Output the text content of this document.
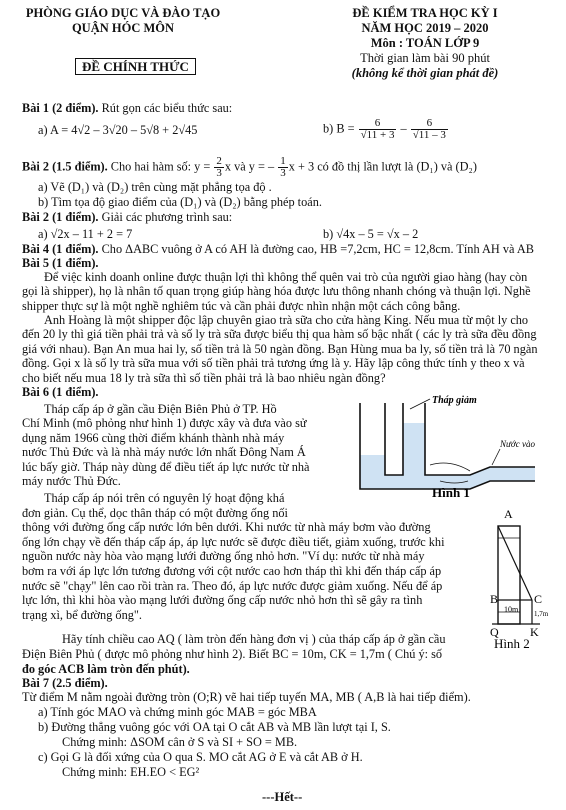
PHÒNG GIÁO DỤC VÀ ĐÀO TẠO
QUẬN HÓC MÔN
ĐỀ CHÍNH THỨC
ĐỀ KIỂM TRA HỌC KỲ I
NĂM HỌC 2019 – 2020
Môn : TOÁN LỚP 9
Thời gian làm bài 90 phút
(không kể thời gian phát đề)
Bài 1 (2 điểm). Rút gọn các biểu thức sau:
a) A = 4√2 – 3√20 – 5√8 + 2√45	b) $B = \frac{6}{√11 + 3} - \frac{6}{√11 - 3}$
Bài 2 (1.5 điểm). Cho hai hàm số: $y = \frac{2}{3}$ x và y = – $\frac{1}{3}$ x + 3 có đồ thị lần lượt là (D₁) và (D₂)
a) Vẽ (D₁) và (D₂) trên cùng mặt phẳng tọa độ .
b) Tìm tọa độ giao điểm của (D₁) và (D₂) bằng phép toán.
Bài 2 (1 điểm). Giải các phương trình sau:
a) √2x – 11 + 2 = 7	b) √4x – 5 = √x – 2
Bài 4 (1 điểm). Cho ΔABC vuông ở A có AH là đường cao, HB =7,2cm, HC = 12,8cm. Tính AH và AB
Bài 5 (1 điểm).
Để việc kinh doanh online được thuận lợi thì không thể quên vai trò của người giao hàng (hay còn
gọi là shipper), họ là nhân tố quan trọng giúp hàng hóa được lưu thông nhanh chóng và thuận lợi. Nghề
shipper thực sự là một nghề nghiêm túc và cần phải được nhìn nhận một cách công bằng.
Anh Hoàng là một shipper độc lập chuyên giao trà sữa cho cửa hàng King. Nếu mua từ một ly cho
đến 20 ly thì giá tiền phải trả và số ly trà sữa được biểu thị qua hàm số bậc nhất ( các ly trà sữa đều đồng
giá với nhau). Bạn An mua hai ly, số tiền trả là 50 ngàn đồng. Bạn Hùng mua ba ly, số tiền trả là 70 ngàn
đồng. Gọi x là số ly trà sữa mua với số tiền phải trả tương ứng là y. Hãy lập công thức tính y theo x và
cho biết nếu mua 18 ly trà sữa thì số tiền phải trả là bao nhiêu ngàn đồng?
Bài 6 (1 điểm).
Tháp cấp áp ở gần cầu Điện Biên Phủ ở TP. Hồ
Chí Minh (mô phỏng như hình 1) được xây và đưa vào sử
dụng năm 1966 cùng thời điểm khánh thành nhà máy
nước Thủ Đức và là nhà máy nước lớn nhất Đông Nam Á
lúc bấy giờ. Tháp này dùng để điều tiết áp lực nước từ nhà
máy nước Thủ Đức.
Tháp cấp áp nói trên có nguyên lý hoạt động khá
đơn giản. Cụ thể, dọc thân tháp có một đường ống nối
thông với đường ống cấp nước lớn bên dưới. Khi nước từ nhà máy bơm vào đường
ống lớn chạy về đến tháp cấp áp, áp lực nước sẽ được điều tiết, giảm xuống, trước khi
nguồn nước này hòa vào mạng lưới đường ống nhỏ hơn. "Ví dụ: nước từ nhà máy
bơm ra với áp lực lớn tương đương với cột nước cao hơn tháp thì khi đến tháp cấp áp
nước sẽ "chạy" lên cao rồi tràn ra. Theo đó, áp lực nước được giảm xuống. Nếu để áp
lực lớn, thì khi hòa vào mạng lưới đường ống cấp nước nhỏ hơn thì sẽ gây ra tình
trạng xì, bể đường ống".
Hãy tính chiều cao AQ ( làm tròn đến hàng đơn vị ) của tháp cấp áp ở gần cầu
Điện Biên Phủ ( được mô phỏng như hình 2). Biết BC = 10m, CK = 1,7m ( Chú ý: số
đo góc ACB làm tròn đến phút).
Tháp giảm
Nước vào
Hình 1
A
B	C
Q	K
10m 1,7m
Hình 2
Bài 7 (2.5 điểm).
Từ điểm M nằm ngoài đường tròn (O;R) vẽ hai tiếp tuyến MA, MB ( A,B là hai tiếp điểm).
a) Tính góc MAO và chứng minh góc MAB = góc MBA
b) Đường thẳng vuông góc với OA tại O cắt AB và MB lần lượt tại I, S.
Chứng minh: ΔSOM cân ở S và SI + SO = MB.
c) Gọi G là đối xứng của O qua S. MO cắt AG ở E và cắt AB ở H.
Chứng minh: EH.EO < EG²
---Hết--
